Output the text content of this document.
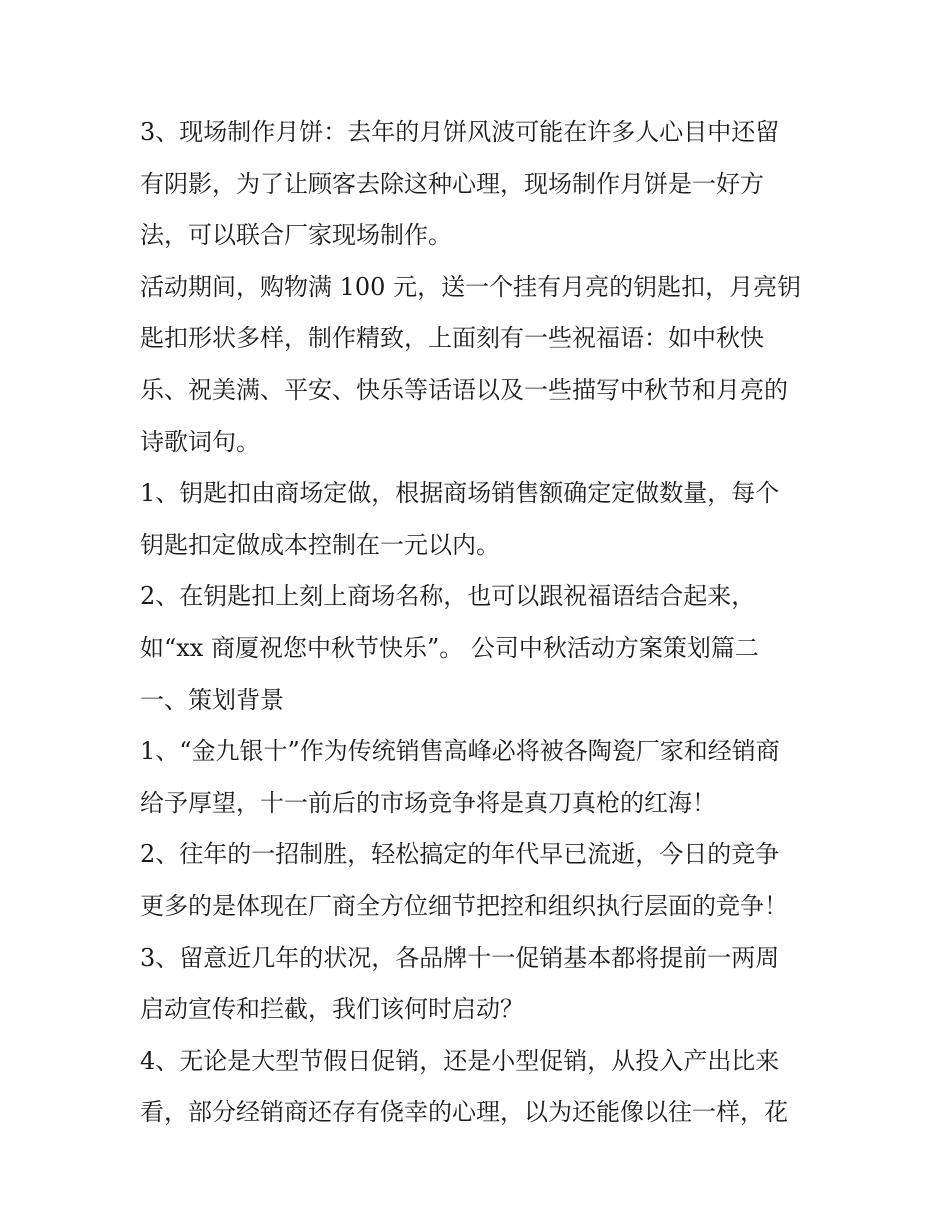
3、现场制作月饼：去年的月饼风波可能在许多人心目中还留
有阴影，为了让顾客去除这种心理，现场制作月饼是一好方
法，可以联合厂家现场制作。
活动期间，购物满 100 元，送一个挂有月亮的钥匙扣，月亮钥
匙扣形状多样，制作精致，上面刻有一些祝福语：如中秋快
乐、祝美满、平安、快乐等话语以及一些描写中秋节和月亮的
诗歌词句。
1、钥匙扣由商场定做，根据商场销售额确定定做数量，每个
钥匙扣定做成本控制在一元以内。
2、在钥匙扣上刻上商场名称，也可以跟祝福语结合起来，
如“xx 商厦祝您中秋节快乐”。 公司中秋活动方案策划篇二
一、策划背景
1、“金九银十”作为传统销售高峰必将被各陶瓷厂家和经销商
给予厚望，十一前后的市场竞争将是真刀真枪的红海！
2、往年的一招制胜，轻松搞定的年代早已流逝，今日的竞争
更多的是体现在厂商全方位细节把控和组织执行层面的竞争！
3、留意近几年的状况，各品牌十一促销基本都将提前一两周
启动宣传和拦截，我们该何时启动？
4、无论是大型节假日促销，还是小型促销，从投入产出比来
看，部分经销商还存有侥幸的心理，以为还能像以往一样，花
